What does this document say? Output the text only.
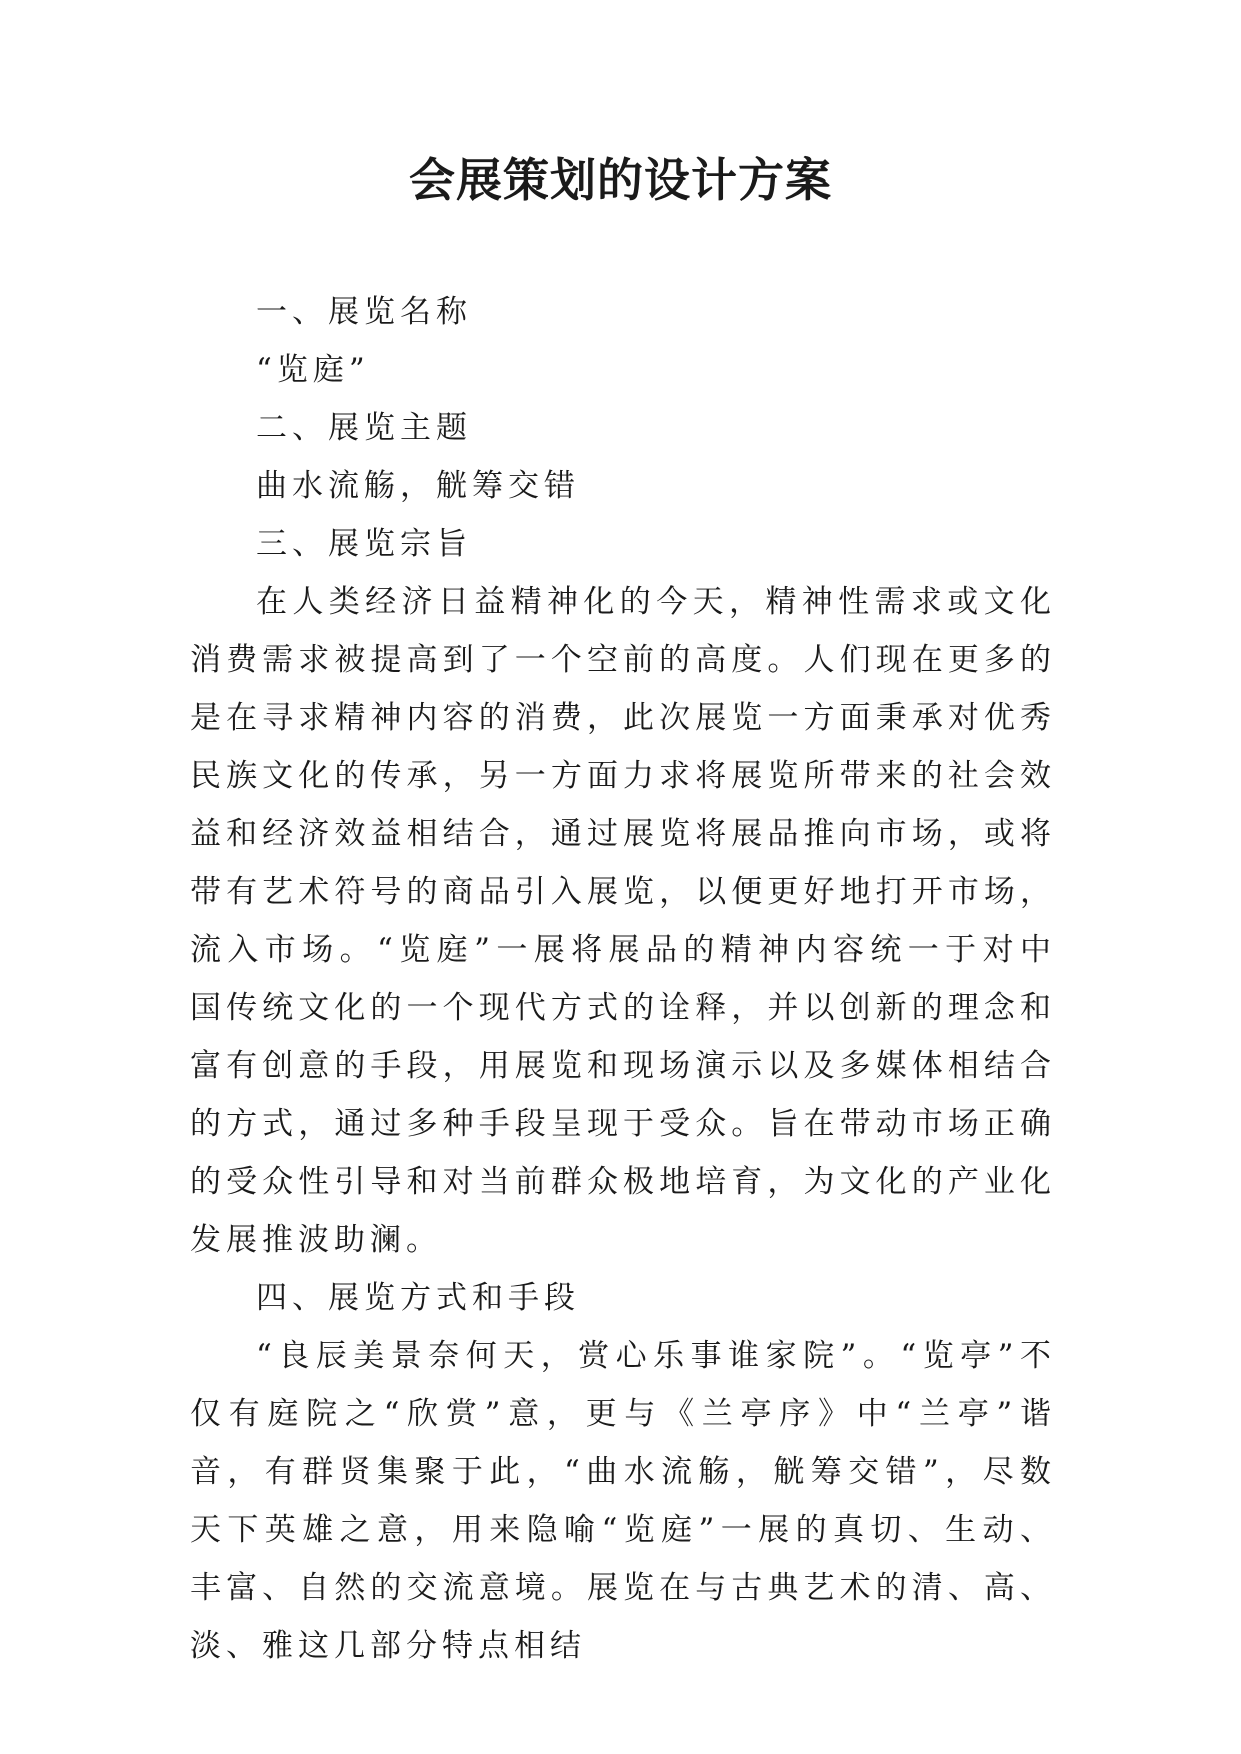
会展策划的设计方案

一、展览名称

“览庭”

二、展览主题

曲水流觞，觥筹交错

三、展览宗旨

在人类经济日益精神化的今天，精神性需求或文化消费需求被提高到了一个空前的高度。人们现在更多的是在寻求精神内容的消费，此次展览一方面秉承对优秀民族文化的传承，另一方面力求将展览所带来的社会效益和经济效益相结合，通过展览将展品推向市场，或将带有艺术符号的商品引入展览，以便更好地打开市场，流入市场。“览庭”一展将展品的精神内容统一于对中国传统文化的一个现代方式的诠释，并以创新的理念和富有创意的手段，用展览和现场演示以及多媒体相结合的方式，通过多种手段呈现于受众。旨在带动市场正确的受众性引导和对当前群众极地培育，为文化的产业化发展推波助澜。

四、展览方式和手段

“良辰美景奈何天，赏心乐事谁家院”。“览亭”不仅有庭院之“欣赏”意，更与《兰亭序》中“兰亭”谐音，有群贤集聚于此，“曲水流觞，觥筹交错”，尽数天下英雄之意，用来隐喻“览庭”一展的真切、生动、丰富、自然的交流意境。展览在与古典艺术的清、高、淡、雅这几部分特点相结
